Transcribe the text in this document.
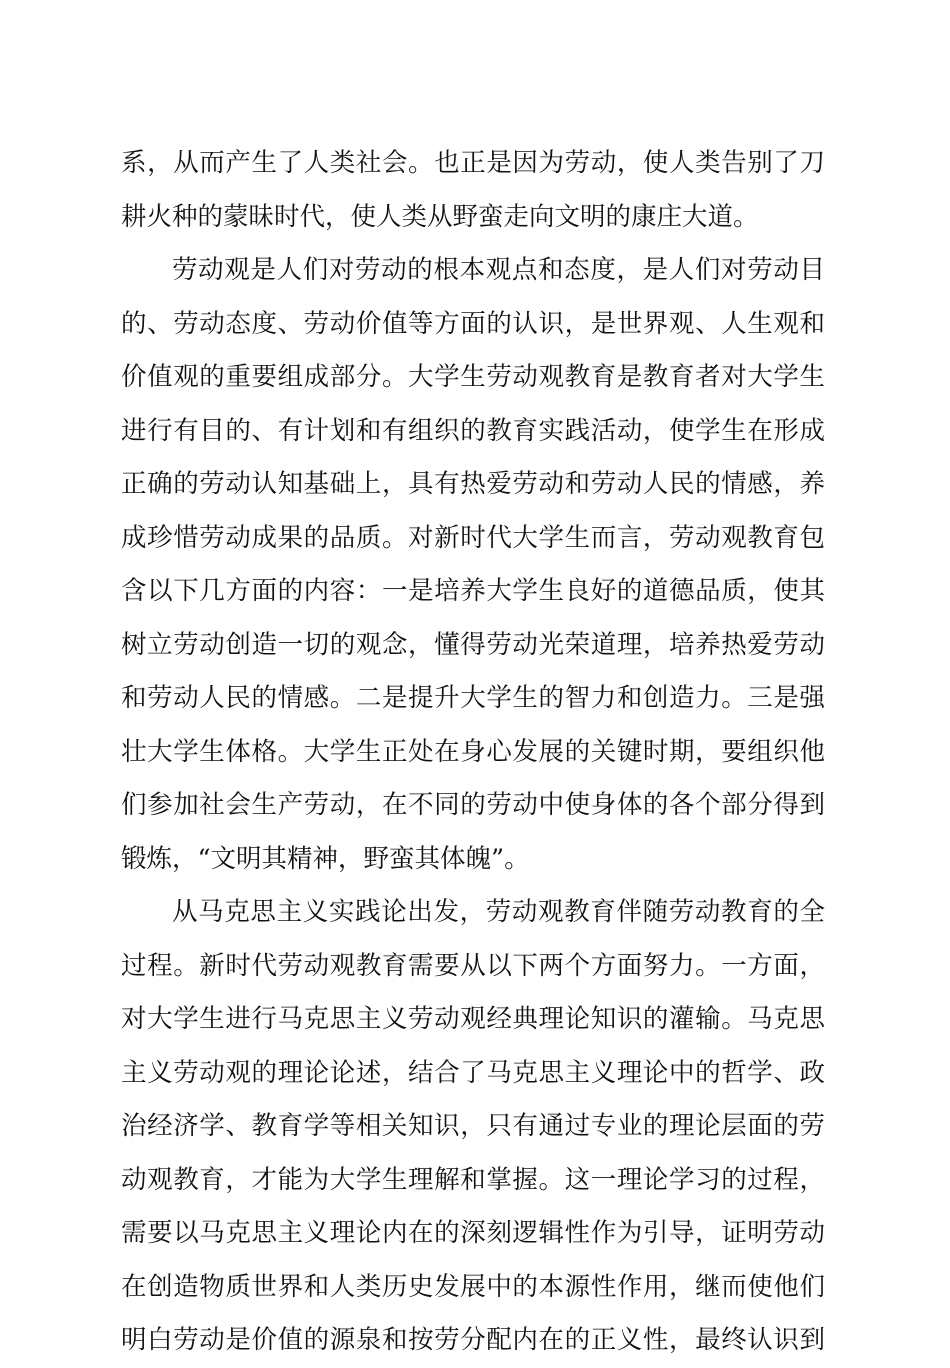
系，从而产生了人类社会。也正是因为劳动，使人类告别了刀
耕火种的蒙昧时代，使人类从野蛮走向文明的康庄大道。
劳动观是人们对劳动的根本观点和态度，是人们对劳动目
的、劳动态度、劳动价值等方面的认识，是世界观、人生观和
价值观的重要组成部分。大学生劳动观教育是教育者对大学生
进行有目的、有计划和有组织的教育实践活动，使学生在形成
正确的劳动认知基础上，具有热爱劳动和劳动人民的情感，养
成珍惜劳动成果的品质。对新时代大学生而言，劳动观教育包
含以下几方面的内容：一是培养大学生良好的道德品质，使其
树立劳动创造一切的观念，懂得劳动光荣道理，培养热爱劳动
和劳动人民的情感。二是提升大学生的智力和创造力。三是强
壮大学生体格。大学生正处在身心发展的关键时期，要组织他
们参加社会生产劳动，在不同的劳动中使身体的各个部分得到
锻炼，“文明其精神，野蛮其体魄”。
从马克思主义实践论出发，劳动观教育伴随劳动教育的全
过程。新时代劳动观教育需要从以下两个方面努力。一方面，
对大学生进行马克思主义劳动观经典理论知识的灌输。马克思
主义劳动观的理论论述，结合了马克思主义理论中的哲学、政
治经济学、教育学等相关知识，只有通过专业的理论层面的劳
动观教育，才能为大学生理解和掌握。这一理论学习的过程，
需要以马克思主义理论内在的深刻逻辑性作为引导，证明劳动
在创造物质世界和人类历史发展中的本源性作用，继而使他们
明白劳动是价值的源泉和按劳分配内在的正义性，最终认识到
